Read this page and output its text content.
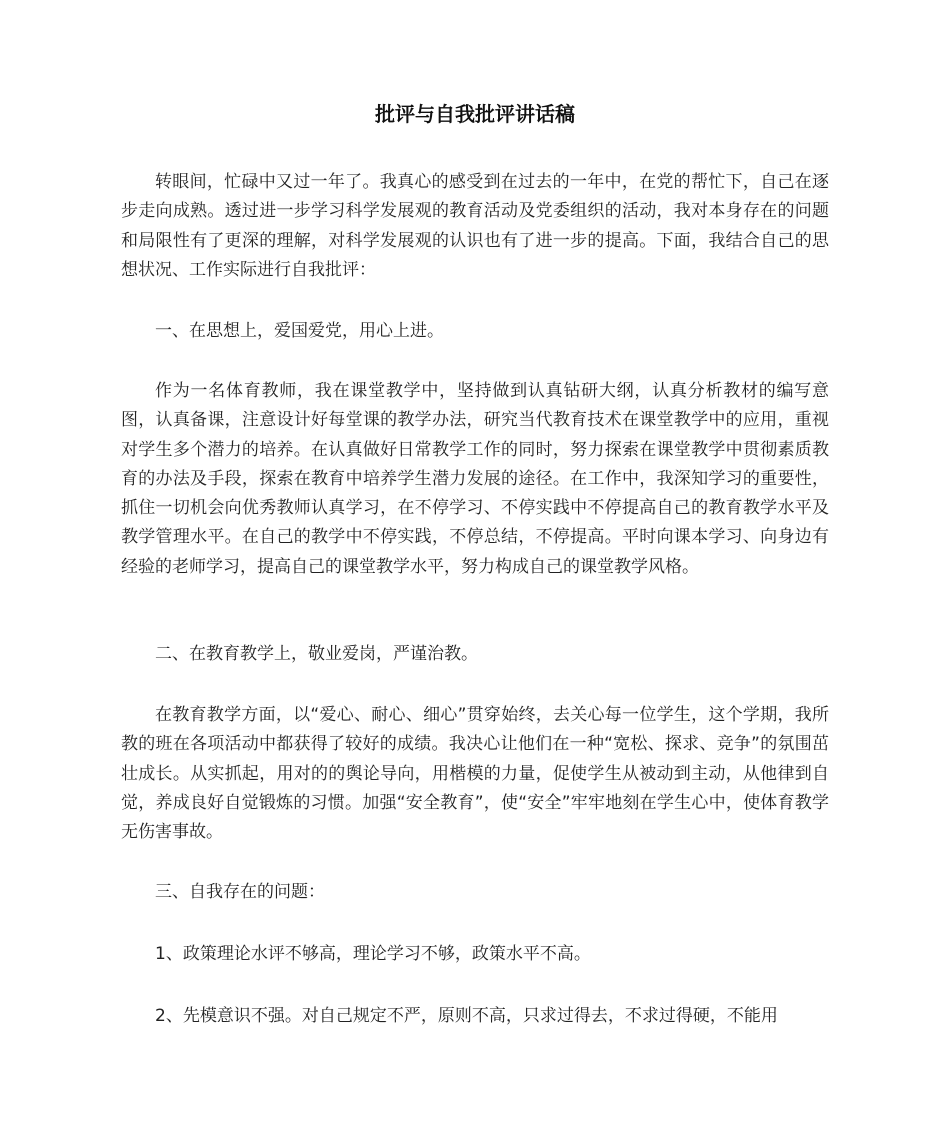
批评与自我批评讲话稿

转眼间，忙碌中又过一年了。我真心的感受到在过去的一年中，在党的帮忙下，自己在逐步走向成熟。透过进一步学习科学发展观的教育活动及党委组织的活动，我对本身存在的问题和局限性有了更深的理解，对科学发展观的认识也有了进一步的提高。下面，我结合自己的思想状况、工作实际进行自我批评：

一、在思想上，爱国爱党，用心上进。

作为一名体育教师，我在课堂教学中，坚持做到认真钻研大纲，认真分析教材的编写意图，认真备课，注意设计好每堂课的教学办法，研究当代教育技术在课堂教学中的应用，重视对学生多个潜力的培养。在认真做好日常教学工作的同时，努力探索在课堂教学中贯彻素质教育的办法及手段，探索在教育中培养学生潜力发展的途径。在工作中，我深知学习的重要性，抓住一切机会向优秀教师认真学习，在不停学习、不停实践中不停提高自己的教育教学水平及教学管理水平。在自己的教学中不停实践，不停总结，不停提高。平时向课本学习、向身边有经验的老师学习，提高自己的课堂教学水平，努力构成自己的课堂教学风格。

二、在教育教学上，敬业爱岗，严谨治教。

在教育教学方面，以“爱心、耐心、细心”贯穿始终，去关心每一位学生，这个学期，我所教的班在各项活动中都获得了较好的成绩。我决心让他们在一种“宽松、探求、竞争”的氛围茁壮成长。从实抓起，用对的的舆论导向，用楷模的力量，促使学生从被动到主动，从他律到自觉，养成良好自觉锻炼的习惯。加强“安全教育”，使“安全”牢牢地刻在学生心中，使体育教学无伤害事故。

三、自我存在的问题：

1、政策理论水评不够高，理论学习不够，政策水平不高。

2、先模意识不强。对自己规定不严，原则不高，只求过得去，不求过得硬，不能用
